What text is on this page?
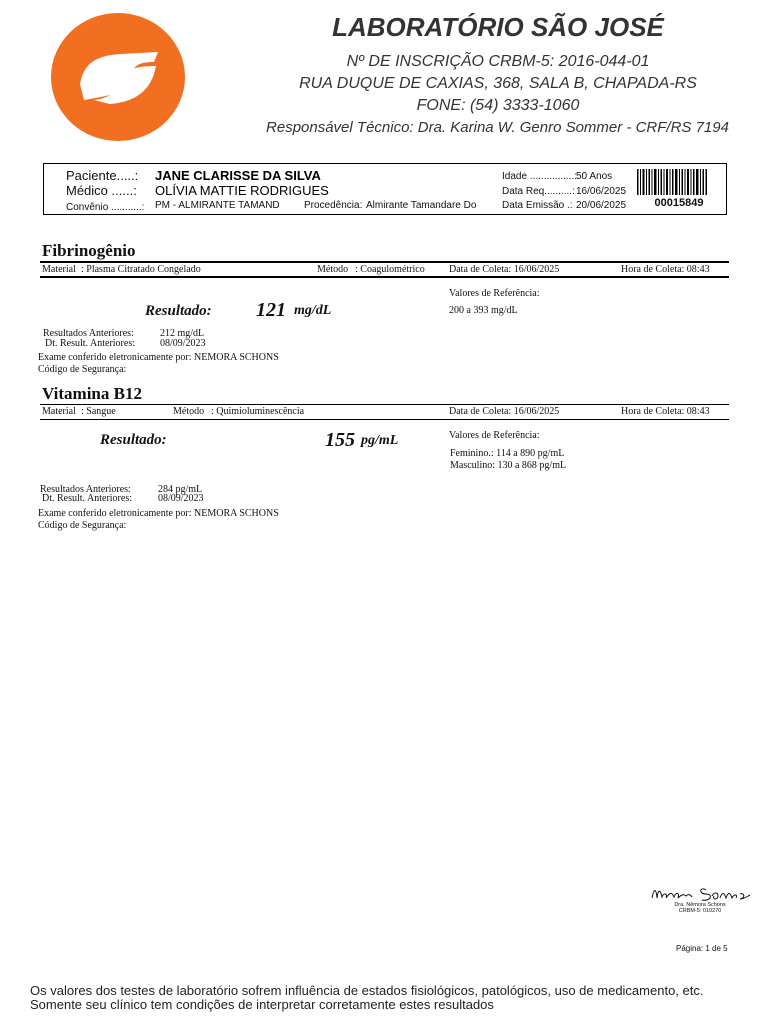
LABORATÓRIO SÃO JOSÉ
Nº DE INSCRIÇÃO CRBM-5: 2016-044-01
RUA DUQUE DE CAXIAS, 368, SALA B, CHAPADA-RS
FONE: (54) 3333-1060
Responsável Técnico: Dra. Karina W. Genro Sommer - CRF/RS 7194
Paciente.....: JANE CLARISSE DA SILVA
Médico ......: OLÍVIA MATTIE RODRIGUES
Convênio ...........: PM - ALMIRANTE TAMAND Procedência: Almirante Tamandare Do
Idade ................:
50 Anos
Data Req..........: 16/06/2025
Data Emissão .: 20/06/2025	00015849
Fibrinogênio
Material : Plasma Citratado Congelado	Método : Coagulométrico Data de Coleta: 16/06/2025	Hora de Coleta: 08:43
Resultado: 121 mg/dL
Valores de Referência:
200 a 393 mg/dL
Resultados Anteriores:	212 mg/dL
Dt. Result. Anteriores:	08/09/2023
Exame conferido eletronicamente por: NEMORA SCHONS
Código de Segurança:
Vitamina B12
Material : Sangue	Método : Quimioluminescência	Data de Coleta: 16/06/2025	Hora de Coleta: 08:43
Resultado:	155 pg/mL	Valores de Referência:
Feminino.: 114 a 890 pg/mL
Masculino: 130 a 868 pg/mL
Resultados Anteriores:	284 pg/mL
Dt. Result. Anteriores:	08/09/2023
Exame conferido eletronicamente por: NEMORA SCHONS
Código de Segurança:
Dra. Nêmora Schons
CRBM-5: 010270
Página: 1 de 5
Os valores dos testes de laboratório sofrem influência de estados fisiológicos, patológicos, uso de medicamento, etc.
Somente seu clínico tem condições de interpretar corretamente estes resultados
